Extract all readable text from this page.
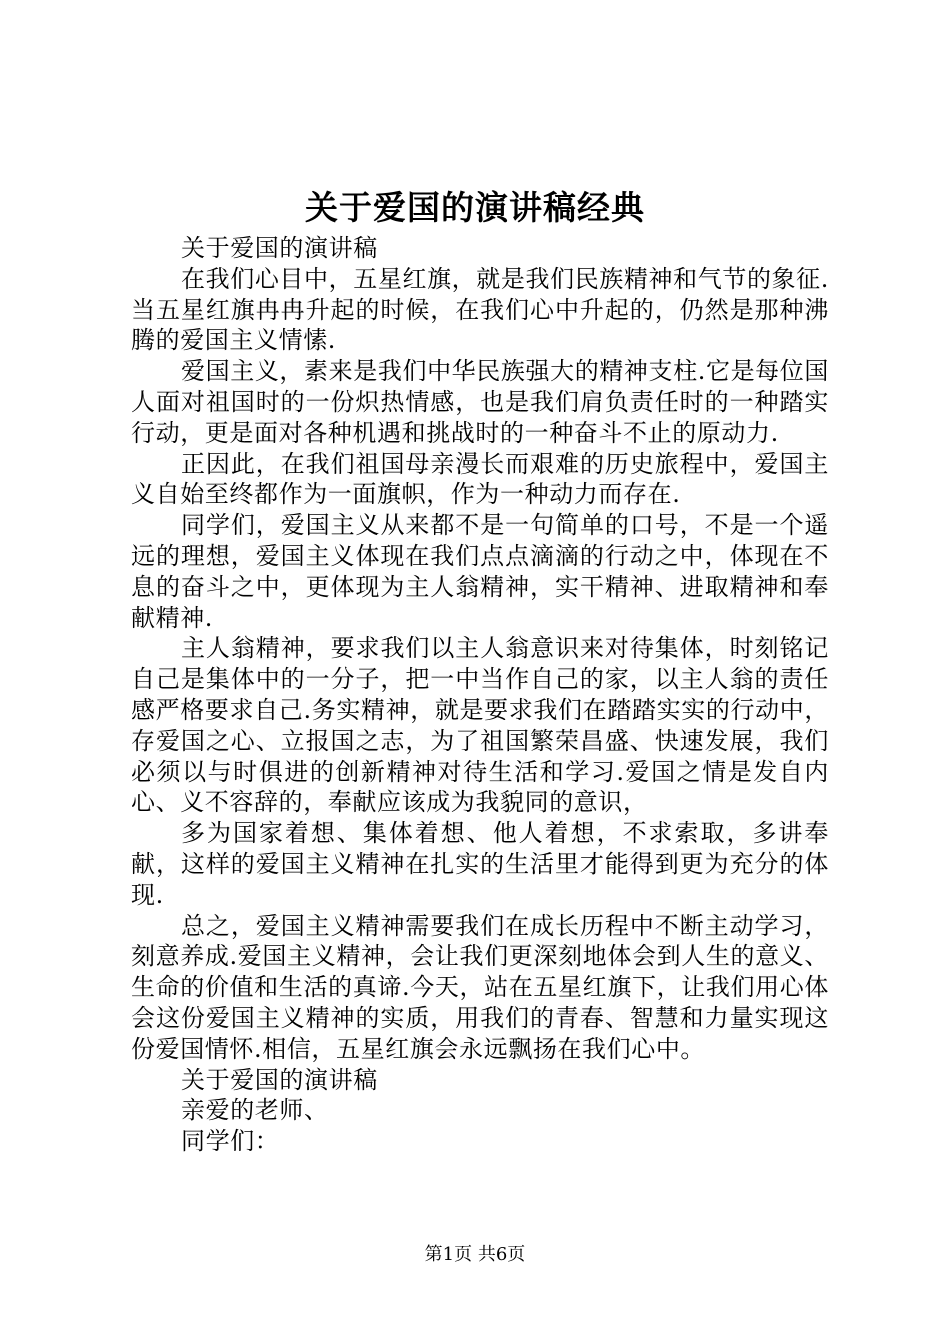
关于爱国的演讲稿经典

关于爱国的演讲稿

在我们心目中，五星红旗，就是我们民族精神和气节的象征.当五星红旗冉冉升起的时候，在我们心中升起的，仍然是那种沸腾的爱国主义情愫.

爱国主义，素来是我们中华民族强大的精神支柱.它是每位国人面对祖国时的一份炽热情感，也是我们肩负责任时的一种踏实行动，更是面对各种机遇和挑战时的一种奋斗不止的原动力.

正因此，在我们祖国母亲漫长而艰难的历史旅程中，爱国主义自始至终都作为一面旗帜，作为一种动力而存在.

同学们，爱国主义从来都不是一句简单的口号，不是一个遥远的理想，爱国主义体现在我们点点滴滴的行动之中，体现在不息的奋斗之中，更体现为主人翁精神，实干精神、进取精神和奉献精神.

主人翁精神，要求我们以主人翁意识来对待集体，时刻铭记自己是集体中的一分子，把一中当作自己的家，以主人翁的责任感严格要求自己.务实精神，就是要求我们在踏踏实实的行动中，存爱国之心、立报国之志，为了祖国繁荣昌盛、快速发展，我们必须以与时俱进的创新精神对待生活和学习.爱国之情是发自内心、义不容辞的，奉献应该成为我貌同的意识，

多为国家着想、集体着想、他人着想，不求索取，多讲奉献，这样的爱国主义精神在扎实的生活里才能得到更为充分的体现.

总之，爱国主义精神需要我们在成长历程中不断主动学习，刻意养成.爱国主义精神，会让我们更深刻地体会到人生的意义、生命的价值和生活的真谛.今天，站在五星红旗下，让我们用心体会这份爱国主义精神的实质，用我们的青春、智慧和力量实现这份爱国情怀.相信，五星红旗会永远飘扬在我们心中。

关于爱国的演讲稿

亲爱的老师、

同学们：

第1页 共6页
